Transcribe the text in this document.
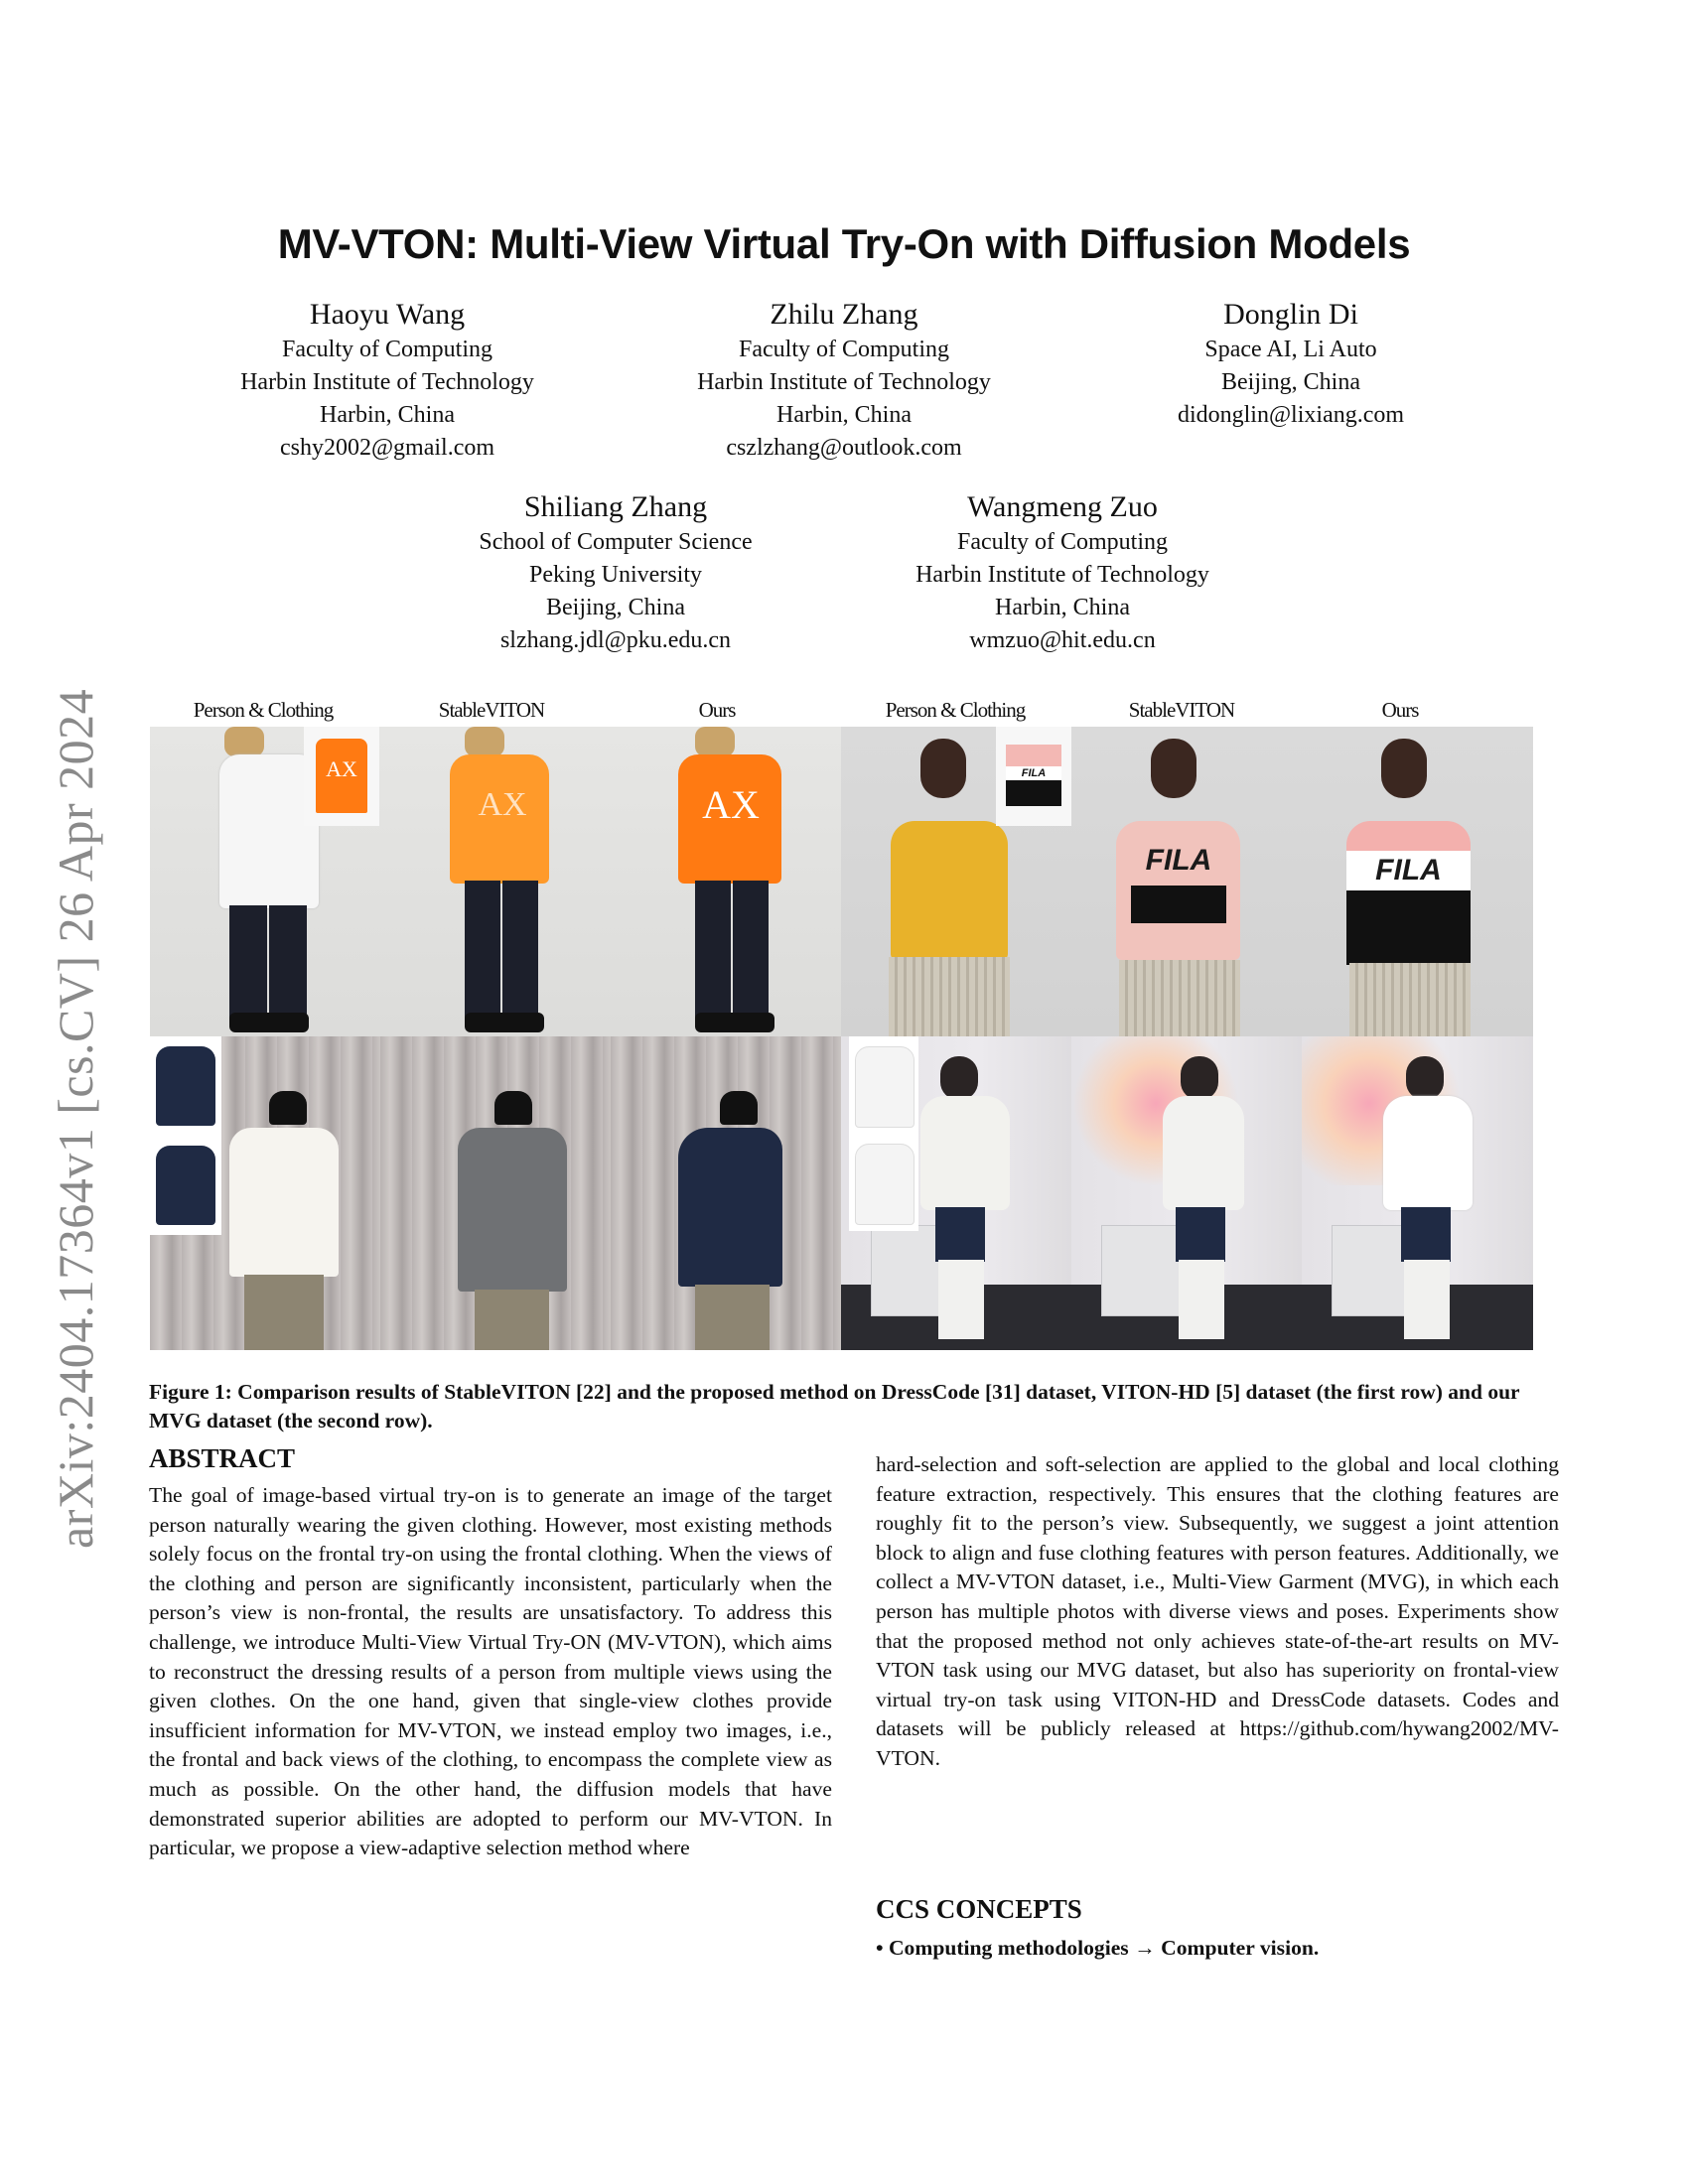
arXiv:2404.17364v1 [cs.CV] 26 Apr 2024
MV-VTON: Multi-View Virtual Try-On with Diffusion Models
Haoyu Wang
Faculty of Computing
Harbin Institute of Technology
Harbin, China
cshy2002@gmail.com
Zhilu Zhang
Faculty of Computing
Harbin Institute of Technology
Harbin, China
cszlzhang@outlook.com
Donglin Di
Space AI, Li Auto
Beijing, China
didonglin@lixiang.com
Shiliang Zhang
School of Computer Science
Peking University
Beijing, China
slzhang.jdl@pku.edu.cn
Wangmeng Zuo
Faculty of Computing
Harbin Institute of Technology
Harbin, China
wmzuo@hit.edu.cn
Person & Clothing	StableVITON	Ours	Person & Clothing	StableVITON	Ours
AX
AX	AX
FILA
FILA	FILA
Figure 1: Comparison results of StableVITON [22] and the proposed method on DressCode [31] dataset, VITON-HD [5] dataset (the first row) and our MVG dataset (the second row).
ABSTRACT

The goal of image-based virtual try-on is to generate an image of the target person naturally wearing the given clothing. However, most existing methods solely focus on the frontal try-on using the frontal clothing. When the views of the clothing and person are significantly inconsistent, particularly when the person’s view is non-frontal, the results are unsatisfactory. To address this challenge, we introduce Multi-View Virtual Try-ON (MV-VTON), which aims to reconstruct the dressing results of a person from multiple views using the given clothes. On the one hand, given that single-view clothes provide insufficient information for MV-VTON, we instead employ two images, i.e., the frontal and back views of the clothing, to encompass the complete view as much as possible. On the other hand, the diffusion models that have demonstrated superior abilities are adopted to perform our MV-VTON. In particular, we propose a view-adaptive selection method where

hard-selection and soft-selection are applied to the global and local clothing feature extraction, respectively. This ensures that the clothing features are roughly fit to the person’s view. Subsequently, we suggest a joint attention block to align and fuse clothing features with person features. Additionally, we collect a MV-VTON dataset, i.e., Multi-View Garment (MVG), in which each person has multiple photos with diverse views and poses. Experiments show that the proposed method not only achieves state-of-the-art results on MV-VTON task using our MVG dataset, but also has superiority on frontal-view virtual try-on task using VITON-HD and DressCode datasets. Codes and datasets will be publicly released at https://github.com/hywang2002/MV-VTON.

CCS CONCEPTS
• Computing methodologies → Computer vision.
